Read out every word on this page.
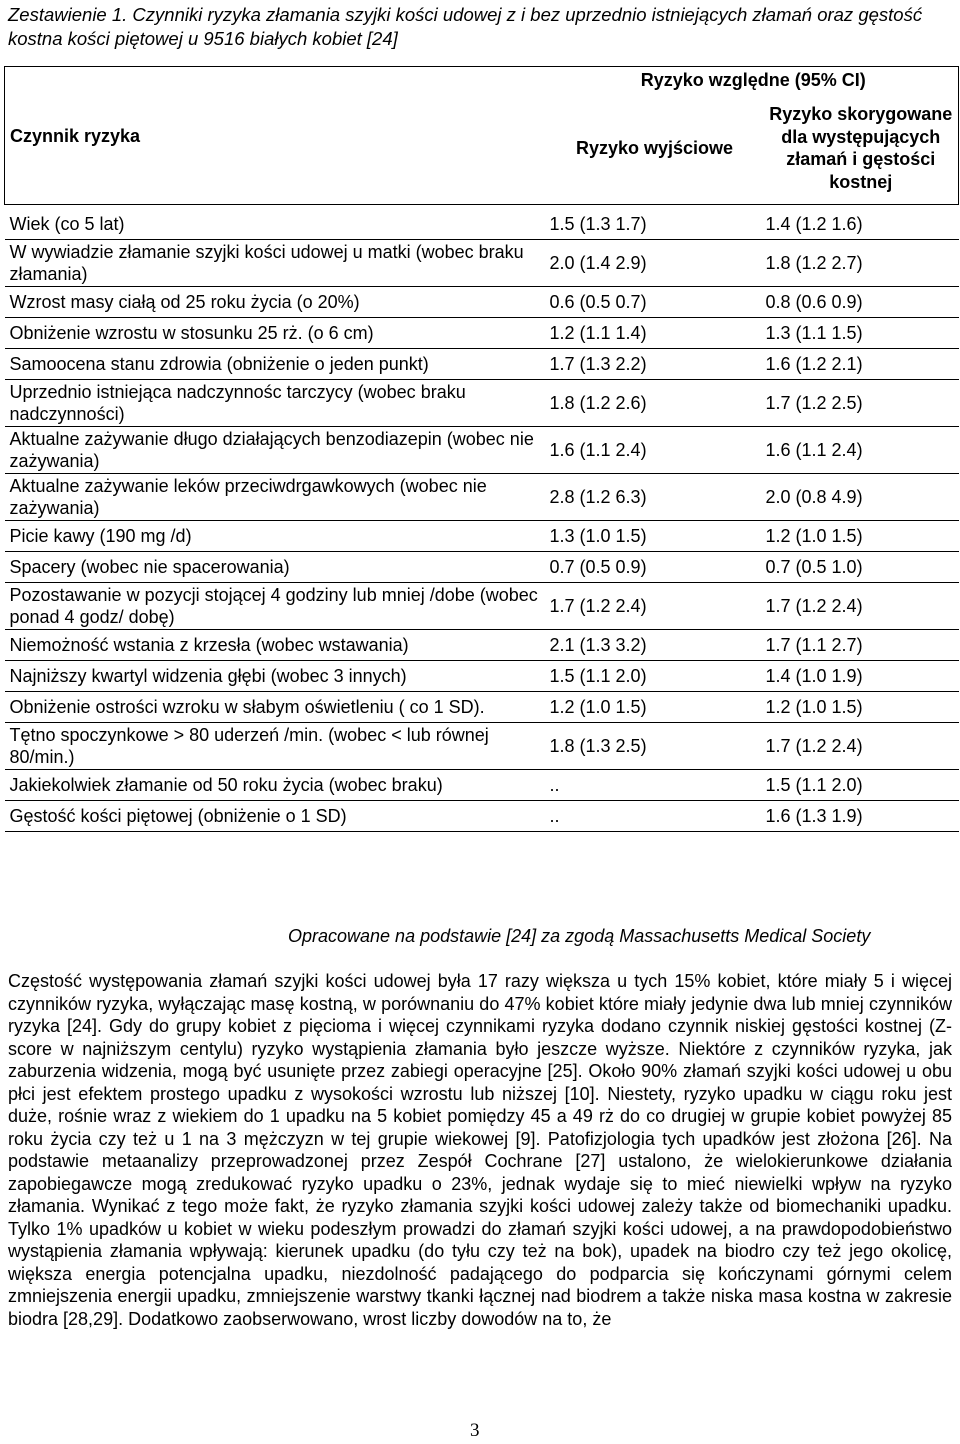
Zestawienie 1. Czynniki ryzyka złamania szyjki kości udowej z i bez uprzednio istniejących złamań oraz gęstość kostna kości piętowej u 9516 białych kobiet [24]
Czynnik ryzyka	Ryzyko względne (95% CI)	
	Ryzyko wyjściowe	Ryzyko skorygowane dla występujących złamań i gęstości kostnej
Wiek (co 5 lat)	1.5 (1.3 1.7)	1.4 (1.2 1.6)
W wywiadzie złamanie szyjki kości udowej u matki (wobec braku złamania)	2.0 (1.4 2.9)	1.8 (1.2 2.7)
Wzrost masy ciałą od 25 roku życia (o 20%)	0.6 (0.5 0.7)	0.8 (0.6 0.9)
Obniżenie wzrostu w stosunku 25 rż. (o 6 cm)	1.2 (1.1 1.4)	1.3 (1.1 1.5)
Samoocena stanu zdrowia (obniżenie o jeden punkt)	1.7 (1.3 2.2)	1.6 (1.2 2.1)
Uprzednio istniejąca nadczynnośc tarczycy (wobec braku nadczynności)	1.8 (1.2 2.6)	1.7 (1.2 2.5)
Aktualne zażywanie długo działających benzodiazepin (wobec nie zażywania)	1.6 (1.1 2.4)	1.6 (1.1 2.4)
Aktualne zażywanie leków przeciwdrgawkowych (wobec nie zażywania)	2.8 (1.2 6.3)	2.0 (0.8 4.9)
Picie kawy (190 mg /d)	1.3 (1.0 1.5)	1.2 (1.0 1.5)
Spacery (wobec nie spacerowania)	0.7 (0.5 0.9)	0.7 (0.5 1.0)
Pozostawanie w pozycji stojącej 4 godziny lub mniej /dobe (wobec ponad 4 godz/ dobę)	1.7 (1.2 2.4)	1.7 (1.2 2.4)
Niemożność wstania z krzesła (wobec wstawania)	2.1 (1.3 3.2)	1.7 (1.1 2.7)
Najniższy kwartyl widzenia głębi (wobec 3 innych)	1.5 (1.1 2.0)	1.4 (1.0 1.9)
Obniżenie ostrości wzroku w słabym oświetleniu ( co 1 SD).	1.2 (1.0 1.5)	1.2 (1.0 1.5)
Tętno spoczynkowe > 80 uderzeń /min. (wobec < lub równej 80/min.)	1.8 (1.3 2.5)	1.7 (1.2 2.4)
Jakiekolwiek złamanie od 50 roku życia (wobec braku)	..	1.5 (1.1 2.0)
Gęstość kości piętowej (obniżenie o 1 SD)	..	1.6 (1.3 1.9)
Opracowane na podstawie [24] za zgodą Massachusetts Medical Society
Częstość występowania złamań szyjki kości udowej była 17 razy większa u tych 15% kobiet, które miały 5 i więcej czynników ryzyka, wyłączając masę kostną, w porównaniu do 47% kobiet które miały jedynie dwa lub mniej czynników ryzyka [24]. Gdy do grupy kobiet z pięcioma i więcej czynnikami ryzyka dodano czynnik niskiej gęstości kostnej (Z-score w najniższym centylu) ryzyko wystąpienia złamania było jeszcze wyższe. Niektóre z czynników ryzyka, jak zaburzenia widzenia, mogą być usunięte przez zabiegi operacyjne [25]. Około 90% złamań szyjki kości udowej u obu płci jest efektem prostego upadku z wysokości wzrostu lub niższej [10]. Niestety, ryzyko upadku w ciągu roku jest duże, rośnie wraz z wiekiem do 1 upadku na 5 kobiet pomiędzy 45 a 49 rż do co drugiej w grupie kobiet powyżej 85 roku życia czy też u 1 na 3 mężczyzn w tej grupie wiekowej [9]. Patofizjologia tych upadków jest złożona [26]. Na podstawie metaanalizy przeprowadzonej przez Zespół Cochrane [27] ustalono, że wielokierunkowe działania zapobiegawcze mogą zredukować ryzyko upadku o 23%, jednak wydaje się to mieć niewielki wpływ na ryzyko złamania. Wynikać z tego może fakt, że ryzyko złamania szyjki kości udowej zależy także od biomechaniki upadku. Tylko 1% upadków u kobiet w wieku podeszłym prowadzi do złamań szyjki kości udowej, a na prawdopodobieństwo wystąpienia złamania wpływają: kierunek upadku (do tyłu czy też na bok), upadek na biodro czy też jego okolicę, większa energia potencjalna upadku, niezdolność padającego do podparcia się kończynami górnymi celem zmniejszenia energii upadku, zmniejszenie warstwy tkanki łącznej nad biodrem a także niska masa kostna w zakresie biodra [28,29]. Dodatkowo zaobserwowano, wrost liczby dowodów na to, że
3
